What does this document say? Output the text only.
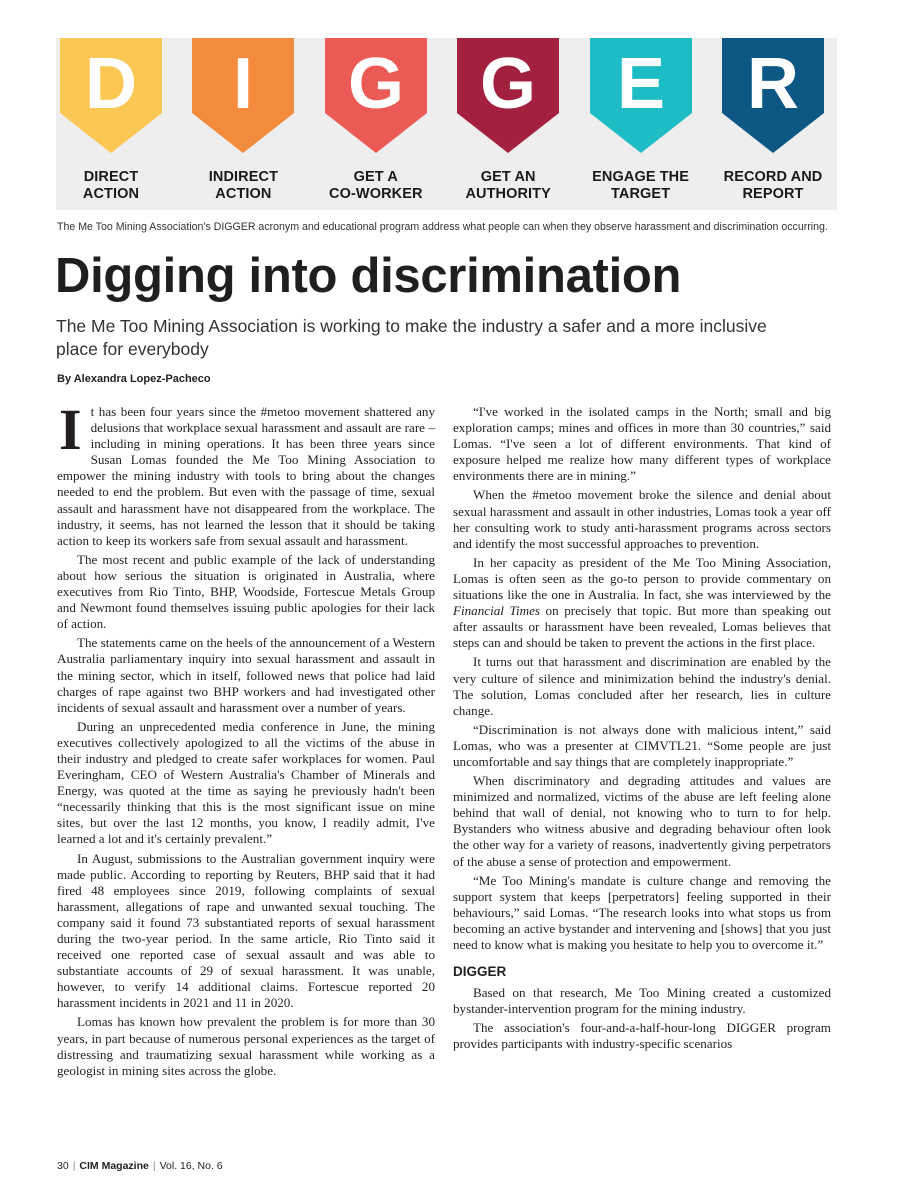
D
DIRECT
ACTION
I
INDIRECT
ACTION
G
GET A
CO-WORKER
G
GET AN
AUTHORITY
E
ENGAGE THE
TARGET
R
RECORD AND
REPORT
The Me Too Mining Association's DIGGER acronym and educational program address what people can when they observe harassment and discrimination occurring.
Digging into discrimination
The Me Too Mining Association is working to make the industry a safer and a more inclusive place for everybody
By Alexandra Lopez-Pacheco

It has been four years since the #metoo movement shattered any delusions that workplace sexual harassment and assault are rare – including in mining operations. It has been three years since Susan Lomas founded the Me Too Mining Association to empower the mining industry with tools to bring about the changes needed to end the problem. But even with the passage of time, sexual assault and harassment have not disappeared from the workplace. The industry, it seems, has not learned the lesson that it should be taking action to keep its workers safe from sexual assault and harassment.

The most recent and public example of the lack of understanding about how serious the situation is originated in Australia, where executives from Rio Tinto, BHP, Woodside, Fortescue Metals Group and Newmont found themselves issuing public apologies for their lack of action.

The statements came on the heels of the announcement of a Western Australia parliamentary inquiry into sexual harassment and assault in the mining sector, which in itself, followed news that police had laid charges of rape against two BHP workers and had investigated other incidents of sexual assault and harassment over a number of years.

During an unprecedented media conference in June, the mining executives collectively apologized to all the victims of the abuse in their industry and pledged to create safer workplaces for women. Paul Everingham, CEO of Western Australia's Chamber of Minerals and Energy, was quoted at the time as saying he previously hadn't been “necessarily thinking that this is the most significant issue on mine sites, but over the last 12 months, you know, I readily admit, I've learned a lot and it's certainly prevalent.”

In August, submissions to the Australian government inquiry were made public. According to reporting by Reuters, BHP said that it had fired 48 employees since 2019, following complaints of sexual harassment, allegations of rape and unwanted sexual touching. The company said it found 73 substantiated reports of sexual harassment during the two-year period. In the same article, Rio Tinto said it received one reported case of sexual assault and was able to substantiate accounts of 29 of sexual harassment. It was unable, however, to verify 14 additional claims. Fortescue reported 20 harassment incidents in 2021 and 11 in 2020.

Lomas has known how prevalent the problem is for more than 30 years, in part because of numerous personal experiences as the target of distressing and traumatizing sexual harassment while working as a geologist in mining sites across the globe.

“I've worked in the isolated camps in the North; small and big exploration camps; mines and offices in more than 30 countries,” said Lomas. “I've seen a lot of different environments. That kind of exposure helped me realize how many different types of workplace environments there are in mining.”

When the #metoo movement broke the silence and denial about sexual harassment and assault in other industries, Lomas took a year off her consulting work to study anti-harassment programs across sectors and identify the most successful approaches to prevention.

In her capacity as president of the Me Too Mining Association, Lomas is often seen as the go-to person to provide commentary on situations like the one in Australia. In fact, she was interviewed by the Financial Times on precisely that topic. But more than speaking out after assaults or harassment have been revealed, Lomas believes that steps can and should be taken to prevent the actions in the first place.

It turns out that harassment and discrimination are enabled by the very culture of silence and minimization behind the industry's denial. The solution, Lomas concluded after her research, lies in culture change.

“Discrimination is not always done with malicious intent,” said Lomas, who was a presenter at CIMVTL21. “Some people are just uncomfortable and say things that are completely inappropriate.”

When discriminatory and degrading attitudes and values are minimized and normalized, victims of the abuse are left feeling alone behind that wall of denial, not knowing who to turn to for help. Bystanders who witness abusive and degrading behaviour often look the other way for a variety of reasons, inadvertently giving perpetrators of the abuse a sense of protection and empowerment.

“Me Too Mining's mandate is culture change and removing the support system that keeps [perpetrators] feeling supported in their behaviours,” said Lomas. “The research looks into what stops us from becoming an active bystander and intervening and [shows] that you just need to know what is making you hesitate to help you to overcome it.”

DIGGER

Based on that research, Me Too Mining created a customized bystander-intervention program for the mining industry.

The association's four-and-a-half-hour-long DIGGER program provides participants with industry-specific scenarios

30 | CIM Magazine | Vol. 16, No. 6
